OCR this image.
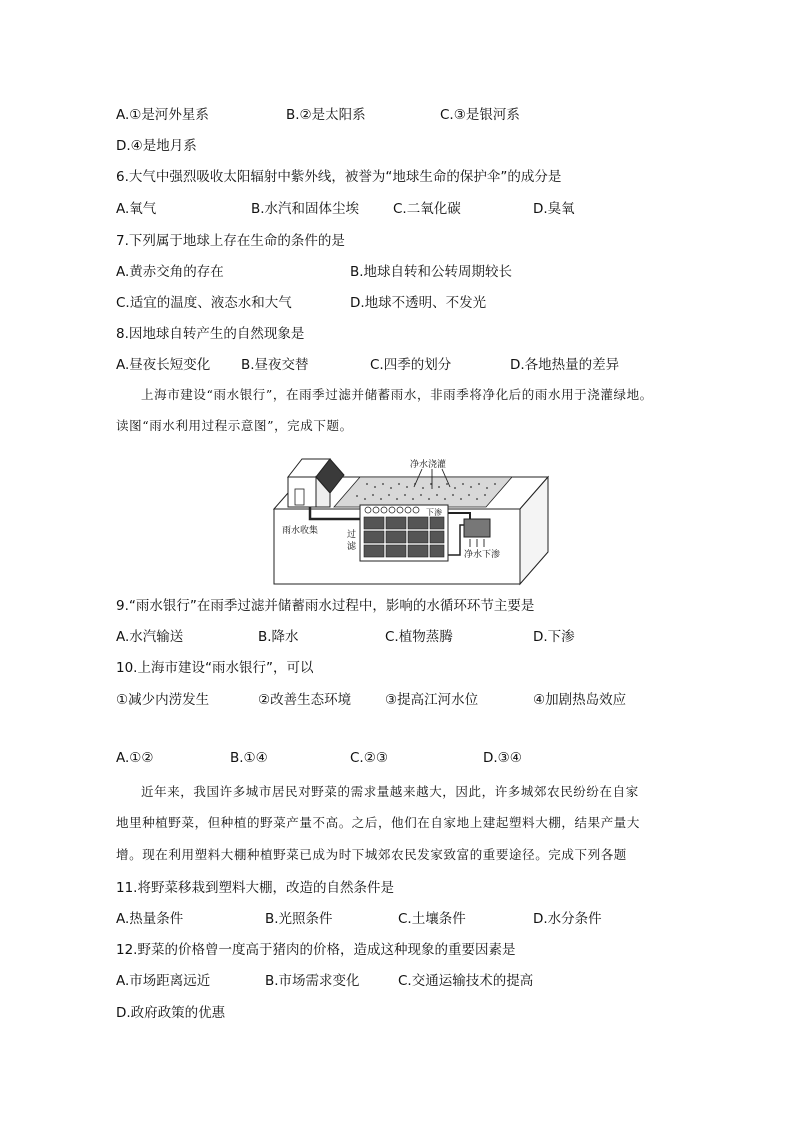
A.①是河外星系	B.②是太阳系	C.③是银河系
D.④是地月系
6.大气中强烈吸收太阳辐射中紫外线，被誉为“地球生命的保护伞”的成分是
A.氧气	B.水汽和固体尘埃	C.二氧化碳	D.臭氧
7.下列属于地球上存在生命的条件的是
A.黄赤交角的存在	B.地球自转和公转周期较长
C.适宜的温度、液态水和大气	D.地球不透明、不发光
8.因地球自转产生的自然现象是
A.昼夜长短变化 B.昼夜交替	C.四季的划分	D.各地热量的差异
上海市建设“雨水银行”，在雨季过滤并储蓄雨水，非雨季将净化后的雨水用于浇灌绿地。
读图“雨水利用过程示意图”，完成下题。
净水浇灌
雨水收集	过
滤
下渗
净水下渗
9.“雨水银行”在雨季过滤并储蓄雨水过程中，影响的水循环环节主要是
A.水汽输送	B.降水	C.植物蒸腾	D.下渗
10.上海市建设“雨水银行”，可以
①减少内涝发生	②改善生态环境	③提高江河水位	④加剧热岛效应
A.①②	B.①④	C.②③	D.③④
近年来，我国许多城市居民对野菜的需求量越来越大，因此，许多城郊农民纷纷在自家
地里种植野菜，但种植的野菜产量不高。之后，他们在自家地上建起塑料大棚，结果产量大
增。现在利用塑料大棚种植野菜已成为时下城郊农民发家致富的重要途径。完成下列各题
11.将野菜移栽到塑料大棚，改造的自然条件是
A.热量条件	B.光照条件	C.土壤条件	D.水分条件
12.野菜的价格曾一度高于猪肉的价格，造成这种现象的重要因素是
A.市场距离远近	B.市场需求变化	C.交通运输技术的提高
D.政府政策的优惠
